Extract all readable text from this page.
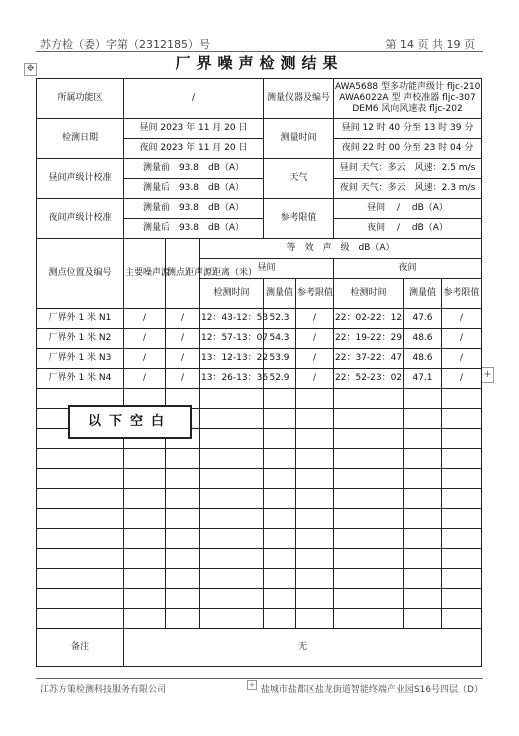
苏方检（委）字第（2312185）号	第 14 页 共 19 页
✥
+
厂界噪声检测结果
所属功能区	/			测量仪器及编号		AWA5688 型多功能声级计 fljc-210
AWA6022A 型 声校准器 fljc-307
DEM6 风向风速表 fljc-202		

检测日期	昼间 2023 年 11 月 20 日			测量时间		昼间 12 时 40 分至 13 时 39 分		
	夜间 2023 年 11 月 20 日					夜间 22 时 00 分至 23 时 04 分		
昼间声级计校准	测量前　93.8　dB（A）			天气		昼间 天气：多云　风速：2.5 m/s		
	测量后　93.8　dB（A）					夜间 天气：多云　风速：2.3 m/s		
夜间声级计校准	测量前　93.8　dB（A）			参考限值		昼间　 /　 dB（A）		
	测量后　93.8　dB（A）					夜间　 /　 dB（A）		
测点位置及编号	主要噪声源	测点距声源距离（米）	等　效　声　级　dB（A）					
			昼间			夜间		
			检测时间	测量值	参考限值	检测时间	测量值	参考限值
厂界外 1 米 N1	/	/	12：43-12：53	52.3	/	22：02-22：12	47.6	/
厂界外 1 米 N2	/	/	12：57-13：07	54.3	/	22：19-22：29	48.6	/
厂界外 1 米 N3	/	/	13：12-13：22	53.9	/	22：37-22：47	48.6	/
厂界外 1 米 N4	/	/	13：26-13：36	52.9	/	22：52-23：02	47.1	/

备注	无							
以下空白
江苏方策检测科技服务有限公司	+ 盐城市盐都区盐龙街道智能终端产业园S16号四层（D）
